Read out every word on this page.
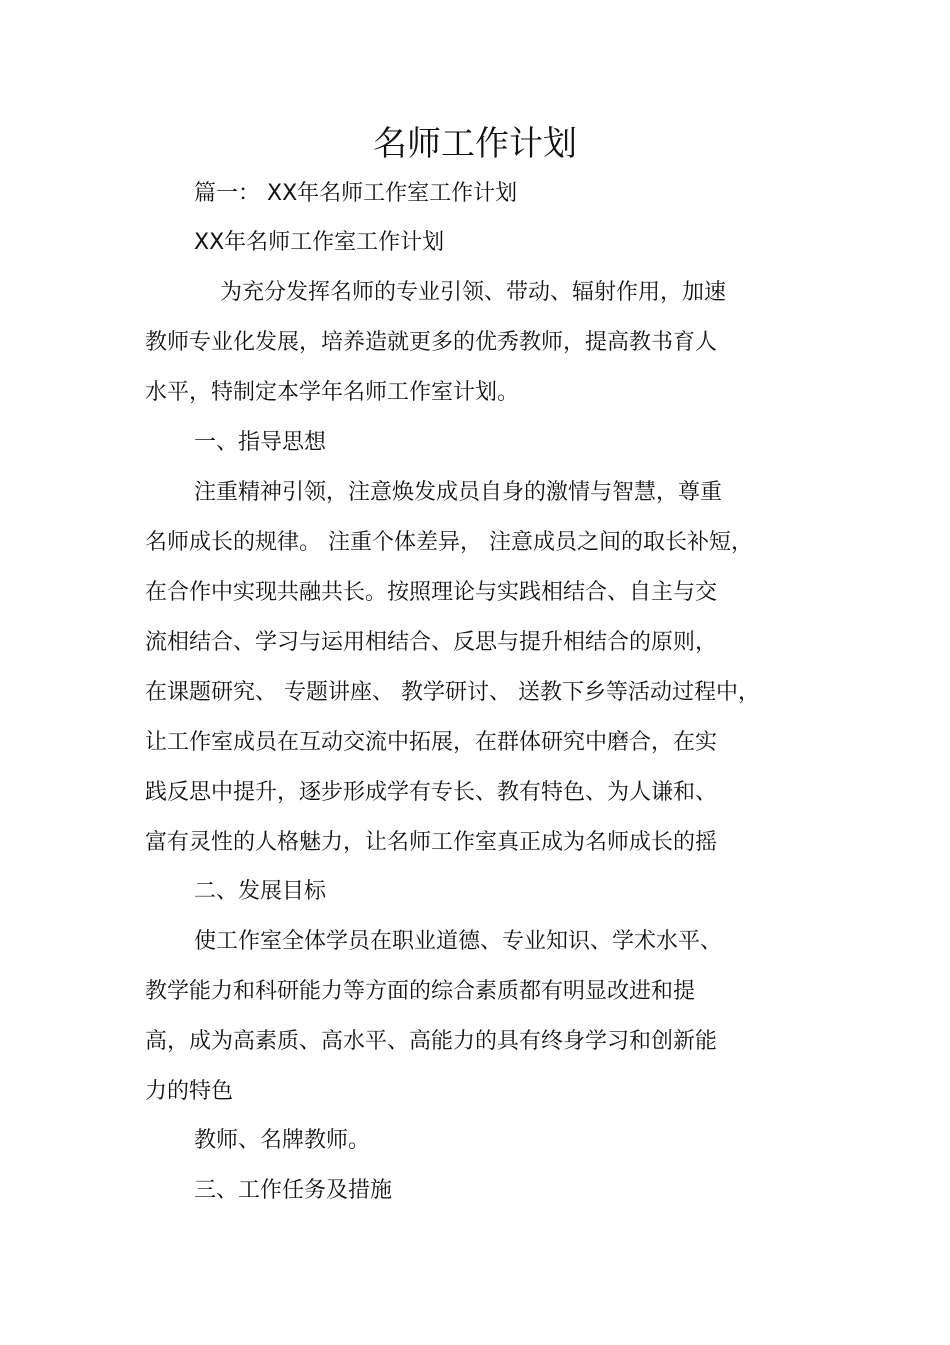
名师工作计划
篇一： XX年名师工作室工作计划
XX年名师工作室工作计划
为充分发挥名师的专业引领、带动、辐射作用，加速
教师专业化发展，培养造就更多的优秀教师，提高教书育人
水平，特制定本学年名师工作室计划。
一、指导思想
注重精神引领，注意焕发成员自身的激情与智慧，尊重
名师成长的规律。 注重个体差异， 注意成员之间的取长补短，
在合作中实现共融共长。按照理论与实践相结合、自主与交
流相结合、学习与运用相结合、反思与提升相结合的原则，
在课题研究、 专题讲座、 教学研讨、 送教下乡等活动过程中，
让工作室成员在互动交流中拓展，在群体研究中磨合，在实
践反思中提升，逐步形成学有专长、教有特色、为人谦和、
富有灵性的人格魅力，让名师工作室真正成为名师成长的摇
二、发展目标
使工作室全体学员在职业道德、专业知识、学术水平、
教学能力和科研能力等方面的综合素质都有明显改进和提
高，成为高素质、高水平、高能力的具有终身学习和创新能
力的特色
教师、名牌教师。
三、工作任务及措施
